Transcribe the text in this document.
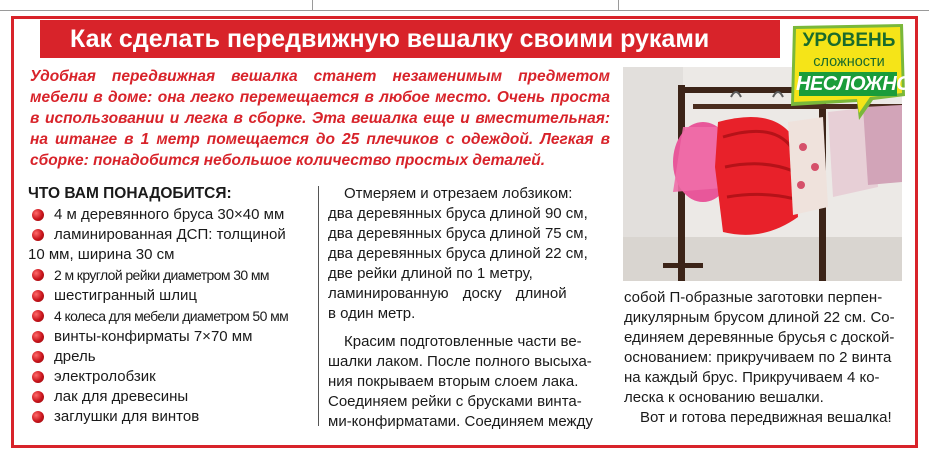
Как сделать передвижную вешалку своими руками
Удобная передвижная вешалка станет незаменимым предметом мебели в доме: она легко перемещается в любое место. Очень проста в использовании и легка в сборке. Эта вешалка еще и вместительная: на штанге в 1 метр помещается до 25 плечиков с одеждой. Легкая в сборке: понадобится небольшое количество простых деталей.
ЧТО ВАМ ПОНАДОБИТСЯ:
4 м деревянного бруса 30×40 мм
ламинированная ДСП: толщиной
10 мм, ширина 30 см
2 м круглой рейки диаметром 30 мм
шестигранный шлиц
4 колеса для мебели диаметром 50 мм
винты-конфирматы 7×70 мм
дрель
электролобзик
лак для древесины
заглушки для винтов

Отмеряем и отрезаем лобзиком:
два деревянных бруса длиной 90 см,
два деревянных бруса длиной 75 см,
два деревянных бруса длиной 22 см,
две рейки длиной по 1 метру,
ламинированную доску длиной
в один метр.

Красим подготовленные части ве-
шалки лаком. После полного высыха-
ния покрываем вторым слоем лака.
Соединяем рейки с брусками винта-
ми-конфирматами. Соединяем между

собой П-образные заготовки перпен-
дикулярным брусом длиной 22 см. Со-
единяем деревянные брусья с доской-
основанием: прикручиваем по 2 винта
на каждый брус. Прикручиваем 4 ко-
леска к основанию вешалки.
Вот и готова передвижная вешалка!
УРОВЕНЬ
сложности
НЕСЛОЖНО
